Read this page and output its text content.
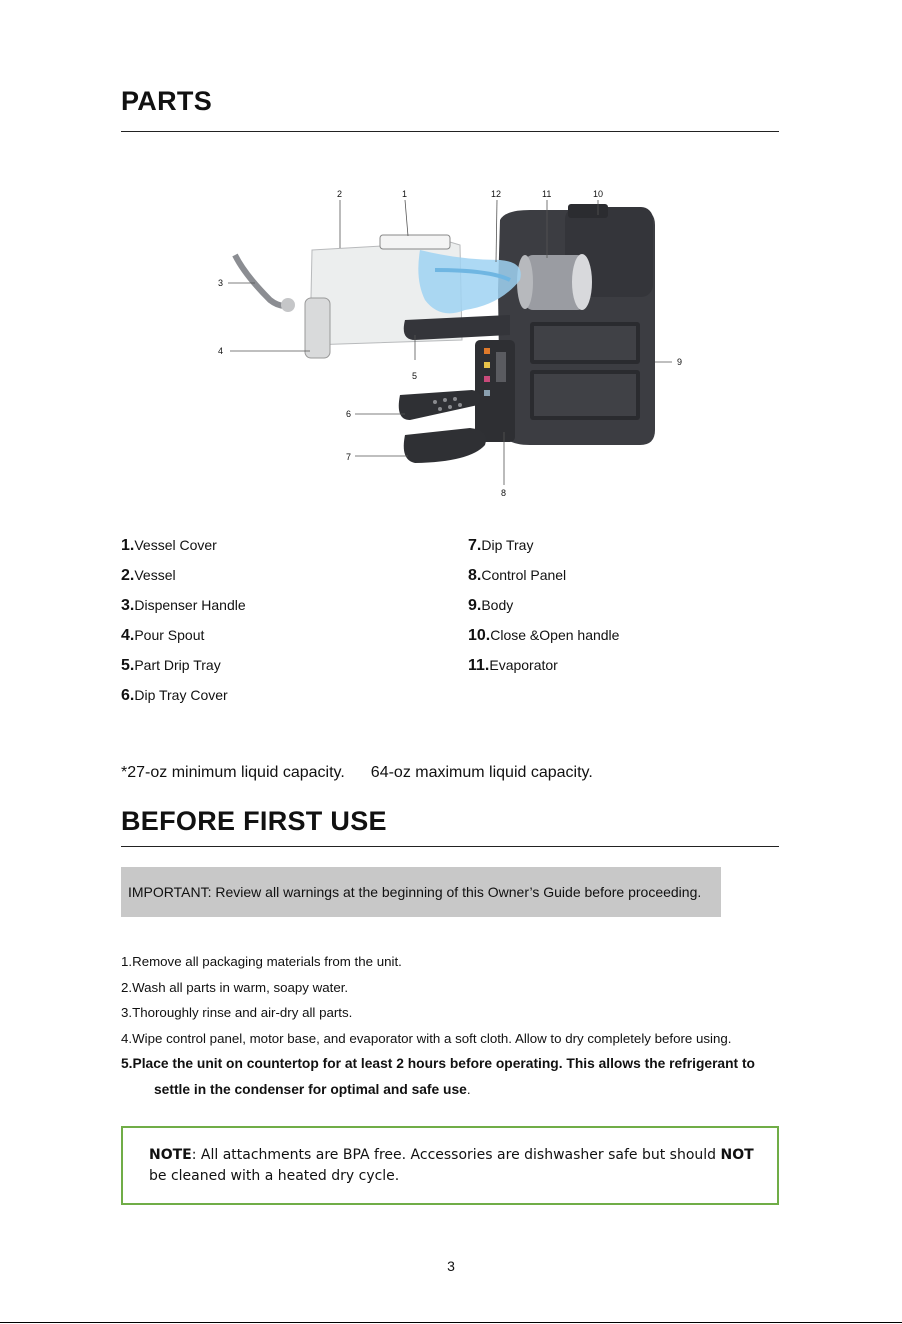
PARTS
2	1	12	11	10
3
4
5
6
7
8
9
1.Vessel Cover
2.Vessel
3.Dispenser Handle
4.Pour Spout
5.Part Drip Tray
6.Dip Tray Cover
7.Dip Tray
8.Control Panel
9.Body
10.Close &Open handle
11.Evaporator
*27-oz minimum liquid capacity. 64-oz maximum liquid capacity.
BEFORE FIRST USE
IMPORTANT: Review all warnings at the beginning of this Owner’s Guide before proceeding.
1.Remove all packaging materials from the unit.
2.Wash all parts in warm, soapy water.
3.Thoroughly rinse and air-dry all parts.
4.Wipe control panel, motor base, and evaporator with a soft cloth. Allow to dry completely before using.
5.Place the unit on countertop for at least 2 hours before operating. This allows the refrigerant to
settle in the condenser for optimal and safe use.
NOTE: All attachments are BPA free. Accessories are dishwasher safe but should NOT be cleaned with a heated dry cycle.
3
